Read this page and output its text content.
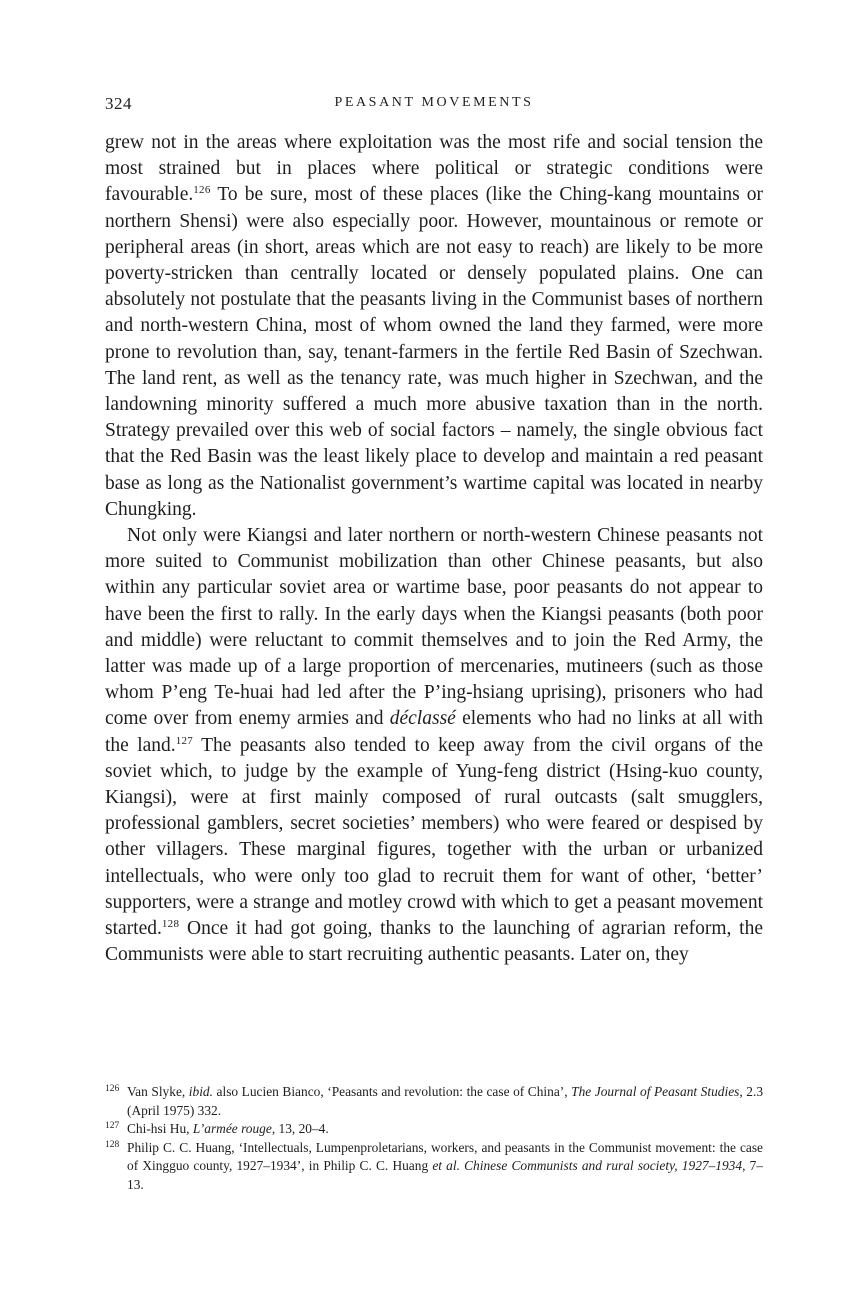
324	PEASANT MOVEMENTS

grew not in the areas where exploitation was the most rife and social tension the most strained but in places where political or strategic conditions were favourable.$^{126}$ To be sure, most of these places (like the Ching-kang mountains or northern Shensi) were also especially poor. However, mountainous or remote or peripheral areas (in short, areas which are not easy to reach) are likely to be more poverty-stricken than centrally located or densely populated plains. One can absolutely not postulate that the peasants living in the Communist bases of northern and north-western China, most of whom owned the land they farmed, were more prone to revolution than, say, tenant-farmers in the fertile Red Basin of Szechwan. The land rent, as well as the tenancy rate, was much higher in Szechwan, and the landowning minority suffered a much more abusive taxation than in the north. Strategy prevailed over this web of social factors – namely, the single obvious fact that the Red Basin was the least likely place to develop and maintain a red peasant base as long as the Nationalist government’s wartime capital was located in nearby Chungking.

Not only were Kiangsi and later northern or north-western Chinese peasants not more suited to Communist mobilization than other Chinese peasants, but also within any particular soviet area or wartime base, poor peasants do not appear to have been the first to rally. In the early days when the Kiangsi peasants (both poor and middle) were reluctant to commit themselves and to join the Red Army, the latter was made up of a large proportion of mercenaries, mutineers (such as those whom P’eng Te-huai had led after the P’ing-hsiang uprising), prisoners who had come over from enemy armies and déclassé elements who had no links at all with the land.$^{127}$ The peasants also tended to keep away from the civil organs of the soviet which, to judge by the example of Yung-feng district (Hsing-kuo county, Kiangsi), were at first mainly composed of rural outcasts (salt smugglers, professional gamblers, secret societies’ members) who were feared or despised by other villagers. These marginal figures, together with the urban or urbanized intellectuals, who were only too glad to recruit them for want of other, ‘better’ supporters, were a strange and motley crowd with which to get a peasant movement started.$^{128}$ Once it had got going, thanks to the launching of agrarian reform, the Communists were able to start recruiting authentic peasants. Later on, they

126 Van Slyke, ibid. also Lucien Bianco, ‘Peasants and revolution: the case of China’, The Journal of Peasant Studies, 2.3 (April 1975) 332.
127 Chi-hsi Hu, L’armée rouge, 13, 20–4.
128 Philip C. C. Huang, ‘Intellectuals, Lumpenproletarians, workers, and peasants in the Communist movement: the case of Xingguo county, 1927–1934’, in Philip C. C. Huang et al. Chinese Communists and rural society, 1927–1934, 7–13.
